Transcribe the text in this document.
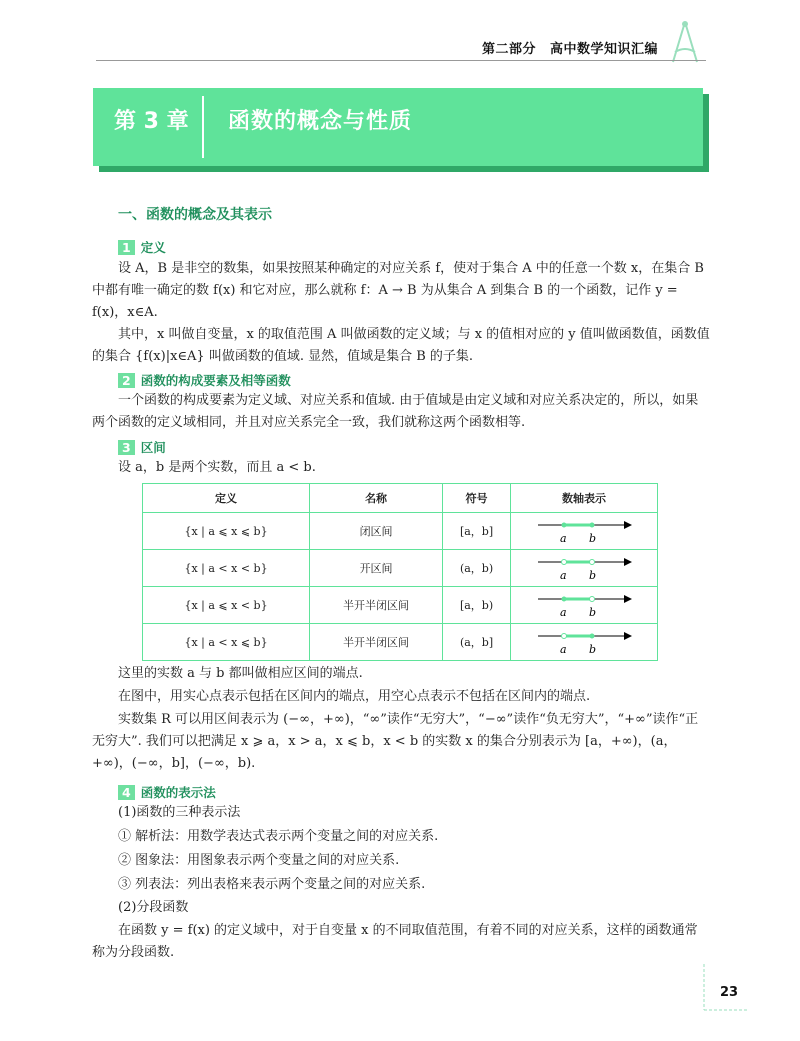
第二部分 高中数学知识汇编
第 3 章 函数的概念与性质
一、函数的概念及其表示
1 定义

设 A，B 是非空的数集，如果按照某种确定的对应关系 f，使对于集合 A 中的任意一个数 x，在集合 B 中都有唯一确定的数 f(x) 和它对应，那么就称 f：A → B 为从集合 A 到集合 B 的一个函数，记作 y = f(x)，x∈A.

其中，x 叫做自变量，x 的取值范围 A 叫做函数的定义域；与 x 的值相对应的 y 值叫做函数值，函数值的集合 {f(x)|x∈A} 叫做函数的值域. 显然，值域是集合 B 的子集.

2 函数的构成要素及相等函数

一个函数的构成要素为定义域、对应关系和值域. 由于值域是由定义域和对应关系决定的，所以，如果两个函数的定义域相同，并且对应关系完全一致，我们就称这两个函数相等.

3 区间

设 a，b 是两个实数，而且 a < b.

定义	名称	符号	数轴表示
{x | a ⩽ x ⩽ b}	闭区间	[a，b]	a b

{x | a < x < b}	开区间	(a，b)	a b

{x | a ⩽ x < b}	半开半闭区间	[a，b)	a b

{x | a < x ⩽ b}	半开半闭区间	(a，b]	a b

这里的实数 a 与 b 都叫做相应区间的端点.

在图中，用实心点表示包括在区间内的端点，用空心点表示不包括在区间内的端点.

实数集 R 可以用区间表示为 (−∞，+∞)，“∞”读作“无穷大”，“−∞”读作“负无穷大”，“+∞”读作“正无穷大”. 我们可以把满足 x ⩾ a，x > a，x ⩽ b，x < b 的实数 x 的集合分别表示为 [a，+∞)，(a，+∞)，(−∞，b]，(−∞，b).

4 函数的表示法

(1)函数的三种表示法

① 解析法：用数学表达式表示两个变量之间的对应关系.

② 图象法：用图象表示两个变量之间的对应关系.

③ 列表法：列出表格来表示两个变量之间的对应关系.

(2)分段函数

在函数 y = f(x) 的定义域中，对于自变量 x 的不同取值范围，有着不同的对应关系，这样的函数通常称为分段函数.

23
